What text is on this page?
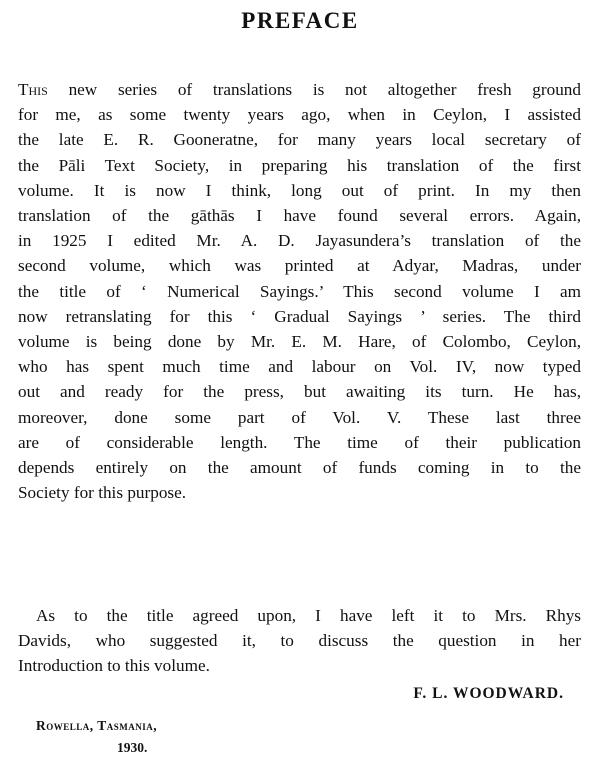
PREFACE

This new series of translations is not altogether fresh ground
for me, as some twenty years ago, when in Ceylon, I assisted
the late E. R. Gooneratne, for many years local secretary of
the Pāli Text Society, in preparing his translation of the first
volume. It is now I think, long out of print. In my then
translation of the gāthās I have found several errors. Again,
in 1925 I edited Mr. A. D. Jayasundera’s translation of the
second volume, which was printed at Adyar, Madras, under
the title of ‘ Numerical Sayings.’ This second volume I am
now retranslating for this ‘ Gradual Sayings ’ series. The third
volume is being done by Mr. E. M. Hare, of Colombo, Ceylon,
who has spent much time and labour on Vol. IV, now typed
out and ready for the press, but awaiting its turn. He has,
moreover, done some part of Vol. V. These last three
are of considerable length. The time of their publication
depends entirely on the amount of funds coming in to the
Society for this purpose.

As to the title agreed upon, I have left it to Mrs. Rhys
Davids, who suggested it, to discuss the question in her
Introduction to this volume.

F. L. WOODWARD.
Rowella, Tasmania,
1930.
